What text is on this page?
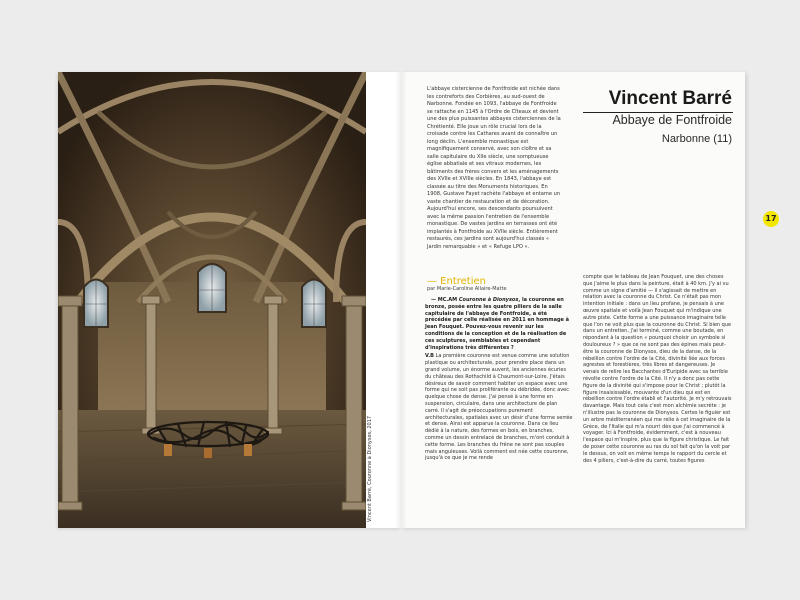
Vincent Barré, Couronne à Dionysos, 2017

L'abbaye cistercienne de Fontfroide est nichée dans les contreforts des Corbières, au sud-ouest de Narbonne. Fondée en 1093, l'abbaye de Fontfroide se rattache en 1145 à l'Ordre de Cîteaux et devient une des plus puissantes abbayes cisterciennes de la Chrétienté. Elle joue un rôle crucial lors de la croisade contre les Cathares avant de connaître un long déclin. L'ensemble monastique est magnifiquement conservé, avec son cloître et sa salle capitulaire du XIIe siècle, une somptueuse église abbatiale et ses vitraux modernes, les bâtiments des frères convers et les aménagements des XVIIe et XVIIIe siècles. En 1843, l'abbaye est classée au titre des Monuments historiques. En 1908, Gustave Fayet rachète l'abbaye et entame un vaste chantier de restauration et de décoration. Aujourd'hui encore, ses descendants poursuivent avec la même passion l'entretien de l'ensemble monastique. De vastes jardins en terrasses ont été implantés à Fontfroide au XVIIe siècle. Entièrement restaurés, ces jardins sont aujourd'hui classés « Jardin remarquable » et « Refuge LPO ».

Vincent Barré
Abbaye de Fontfroide
Narbonne (11)
17
— Entretien
par Marie-Caroline Allaire-Matte

— MC.AM Couronne à Dionysos, la couronne en bronze, posée entre les quatre piliers de la salle capitulaire de l'abbaye de Fontfroide, a été précédée par celle réalisée en 2011 en hommage à Jean Fouquet. Pouvez-vous revenir sur les conditions de la conception et de la réalisation de ces sculptures, semblables et cependant d'inspirations très différentes ?

V.B La première couronne est venue comme une solution plastique ou architecturale, pour prendre place dans un grand volume, un énorme auvent, les anciennes écuries du château des Rothschild à Chaumont-sur-Loire. J'étais désireux de savoir comment habiter un espace avec une forme qui ne soit pas proliférante ou débridée, donc avec quelque chose de dense. J'ai pensé à une forme en suspension, circulaire, dans une architecture de plan carré. Il s'agit de préoccupations purement architecturales, spatiales avec un désir d'une forme serrée et dense. Ainsi est apparue la couronne. Dans ce lieu dédié à la nature, des formes en bois, en branches, comme un dessin entrelacé de branches, m'ont conduit à cette forme. Les branches du frêne ne sont pas souples mais anguleuses. Voilà comment est née cette couronne, jusqu'à ce que je me rende

compte que le tableau de Jean Fouquet, une des choses que j'aime le plus dans la peinture, était à 40 km. J'y ai vu comme un signe d'amitié — il s'agissait de mettre en relation avec la couronne du Christ. Ce n'était pas mon intention initiale : dans un lieu profane, je pensais à une œuvre spatiale et voilà Jean Fouquet qui m'indique une autre piste. Cette forme a une puissance imaginaire telle que l'on ne voit plus que la couronne du Christ. Si bien que dans un entretien, j'ai terminé, comme une boutade, en répondant à la question « pourquoi choisir un symbole si douloureux ? » que ce ne sont pas des épines mais peut-être la couronne de Dionysos, dieu de la danse, de la rébellion contre l'ordre de la Cité, divinité liée aux forces agrestes et forestières, très libres et dangereuses. Je venais de relire les Bacchantes d'Euripide avec sa terrible révolte contre l'ordre de la Cité. Il n'y a donc pas cette figure de la divinité qui s'impose pour le Christ ; plutôt la figure insaisissable, mouvante d'un dieu qui est en rébellion contre l'ordre établi et l'autorité. Je m'y retrouvais davantage. Mais tout cela c'est mon alchimie secrète : je n'illustre pas la couronne de Dionysos. Certes le figuier est un arbre méditerranéen qui me relie à cet imaginaire de la Grèce, de l'Italie qui m'a nourri dès que j'ai commencé à voyager. Ici à Fontfroide, évidemment, c'est à nouveau l'espace qui m'inspire, plus que la figure christique. Le fait de poser cette couronne au ras du sol fait qu'on la voit par le dessus, on voit en même temps le rapport du cercle et des 4 piliers, c'est-à-dire du carré, toutes figures
